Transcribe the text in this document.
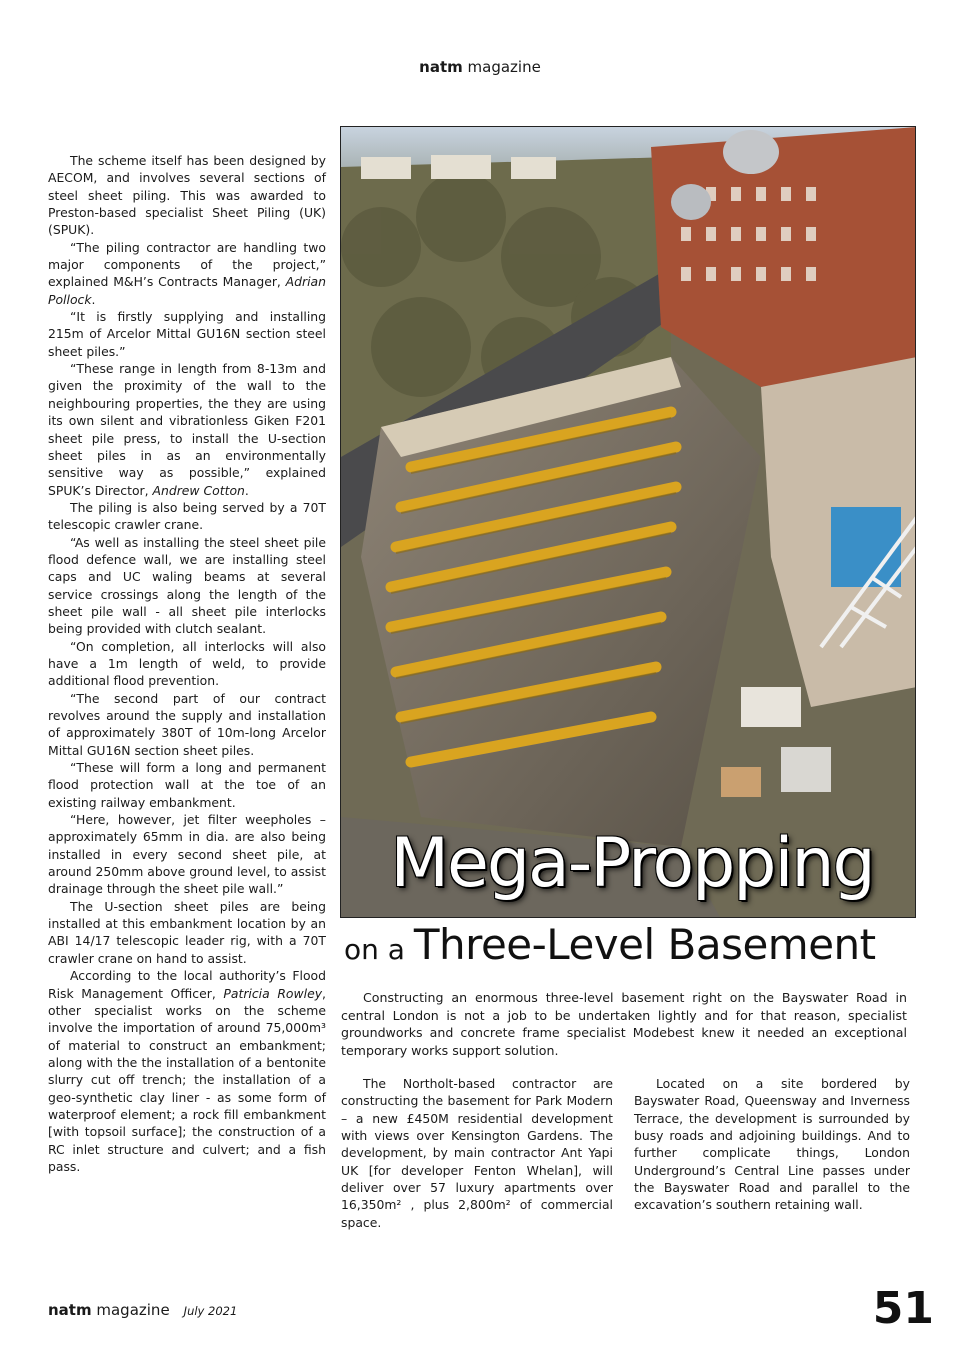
natm magazine

The scheme itself has been designed by AECOM, and involves several sections of steel sheet piling. This was awarded to Preston-based specialist Sheet Piling (UK) (SPUK).

“The piling contractor are handling two major components of the project,” explained M&H’s Contracts Manager, Adrian Pollock.

“It is firstly supplying and installing 215m of Arcelor Mittal GU16N section steel sheet piles.”

“These range in length from 8-13m and given the proximity of the wall to the neighbouring properties, the they are using its own silent and vibrationless Giken F201 sheet pile press, to install the U-section sheet piles in as an environmentally sensitive way as possible,” explained SPUK’s Director, Andrew Cotton.

The piling is also being served by a 70T telescopic crawler crane.

“As well as installing the steel sheet pile flood defence wall, we are installing steel caps and UC waling beams at several service crossings along the length of the sheet pile wall - all sheet pile interlocks being provided with clutch sealant.

“On completion, all interlocks will also have a 1m length of weld, to provide additional flood prevention.

“The second part of our contract revolves around the supply and installation of approximately 380T of 10m-long Arcelor Mittal GU16N section sheet piles.

“These will form a long and permanent flood protection wall at the toe of an existing railway embankment.

“Here, however, jet filter weepholes – approximately 65mm in dia. are also being installed in every second sheet pile, at around 250mm above ground level, to assist drainage through the sheet pile wall.”

The U-section sheet piles are being installed at this embankment location by an ABI 14/17 telescopic leader rig, with a 70T crawler crane on hand to assist.

According to the local authority’s Flood Risk Management Officer, Patricia Rowley, other specialist works on the scheme involve the importation of around 75,000m³ of material to construct an embankment; along with the the installation of a bentonite slurry cut off trench; the installation of a geo-synthetic clay liner - as some form of waterproof element; a rock fill embankment [with topsoil surface]; the construction of a RC inlet structure and culvert; and a fish pass.

Mega-Propping
on a Three-Level Basement

Constructing an enormous three-level basement right on the Bayswater Road in central London is not a job to be undertaken lightly and for that reason, specialist groundworks and concrete frame specialist Modebest knew it needed an exceptional temporary works support solution.

The Northolt-based contractor are constructing the basement for Park Modern – a new £450M residential development with views over Kensington Gardens. The development, by main contractor Ant Yapi UK [for developer Fenton Whelan], will deliver over 57 luxury apartments over 16,350m² , plus 2,800m² of commercial space.

Located on a site bordered by Bayswater Road, Queensway and Inverness Terrace, the development is surrounded by busy roads and adjoining buildings. And to further complicate things, London Underground’s Central Line passes under the Bayswater Road and parallel to the excavation’s southern retaining wall.

natm magazine July 2021	51
